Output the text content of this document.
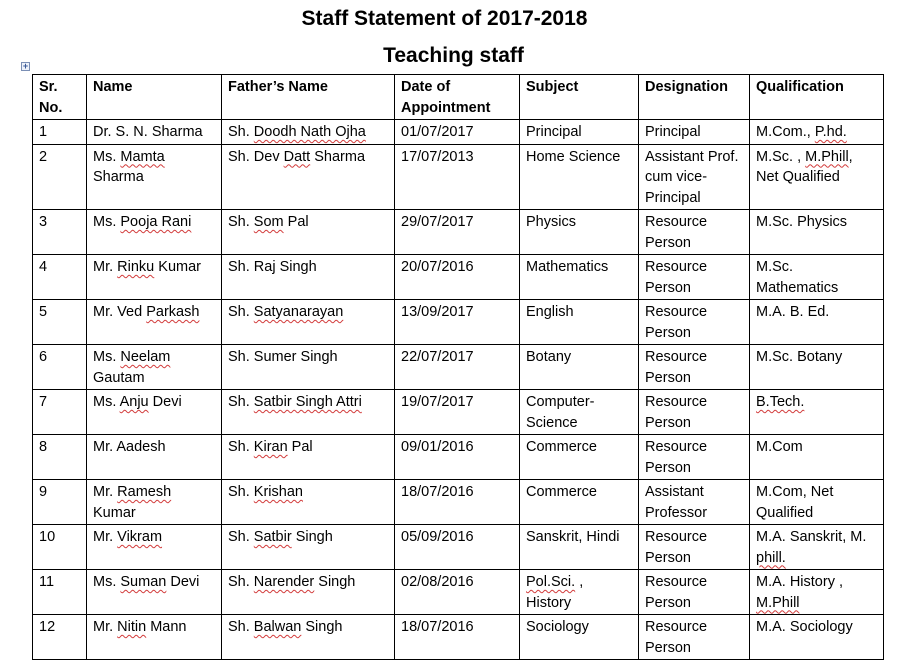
Staff Statement of 2017-2018
Teaching staff
+
Sr. No.	Name	Father’s Name	Date of Appointment	Subject	Designation	Qualification
1	Dr. S. N. Sharma	Sh. Doodh Nath Ojha	01/07/2017	Principal	Principal	M.Com., P.hd.
2	Ms. Mamta Sharma	Sh. Dev Datt Sharma	17/07/2013	Home Science	Assistant Prof. cum vice-Principal	M.Sc. , M.Phill, Net Qualified
3	Ms. Pooja Rani	Sh. Som Pal	29/07/2017	Physics	Resource Person	M.Sc. Physics
4	Mr. Rinku Kumar	Sh. Raj Singh	20/07/2016	Mathematics	Resource Person	M.Sc. Mathematics
5	Mr. Ved Parkash	Sh. Satyanarayan	13/09/2017	English	Resource Person	M.A. B. Ed.
6	Ms. Neelam Gautam	Sh. Sumer Singh	22/07/2017	Botany	Resource Person	M.Sc. Botany
7	Ms. Anju Devi	Sh. Satbir Singh Attri	19/07/2017	Computer-Science	Resource Person	B.Tech.
8	Mr. Aadesh	Sh. Kiran Pal	09/01/2016	Commerce	Resource Person	M.Com
9	Mr. Ramesh Kumar	Sh. Krishan	18/07/2016	Commerce	Assistant Professor	M.Com, Net Qualified
10	Mr. Vikram	Sh. Satbir Singh	05/09/2016	Sanskrit, Hindi	Resource Person	M.A. Sanskrit, M. phill.
11	Ms. Suman Devi	Sh. Narender Singh	02/08/2016	Pol.Sci. , History	Resource Person	M.A. History , M.Phill
12	Mr. Nitin Mann	Sh. Balwan Singh	18/07/2016	Sociology	Resource Person	M.A. Sociology
